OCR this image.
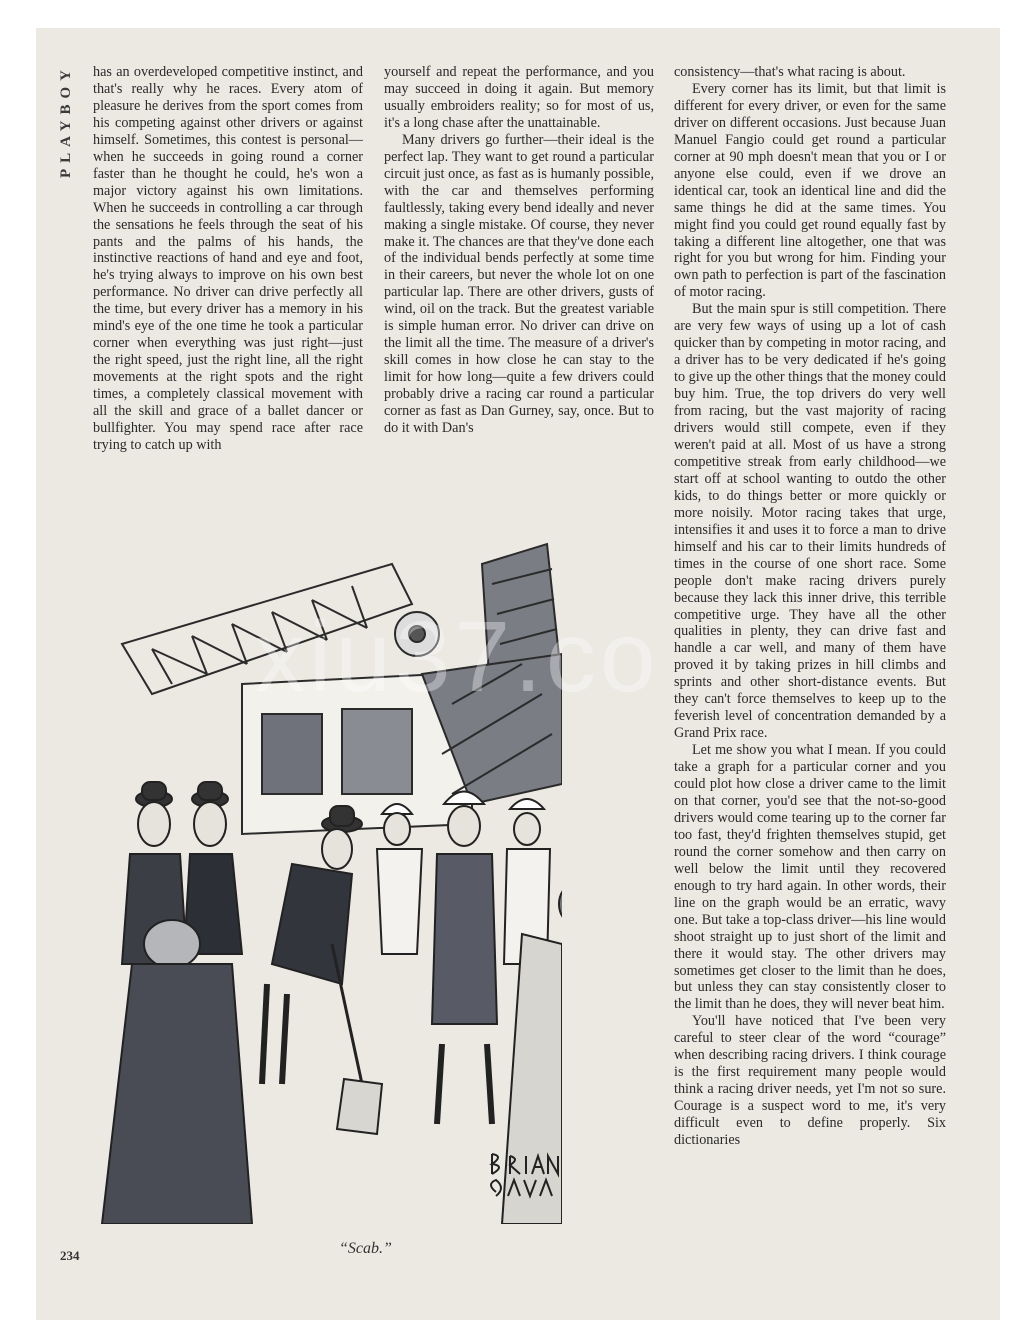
PLAYBOY	has an overdeveloped competitive instinct, and that's really why he races. Every atom of pleasure he derives from the sport comes from his competing against other drivers or against himself. Sometimes, this contest is personal—when he succeeds in going round a corner faster than he thought he could, he's won a major victory against his own limitations. When he succeeds in controlling a car through the sensations he feels through the seat of his pants and the palms of his hands, the instinctive reactions of hand and eye and foot, he's trying always to improve on his own best performance. No driver can drive perfectly all the time, but every driver has a memory in his mind's eye of the one time he took a particular corner when everything was just right—just the right speed, just the right line, all the right movements at the right spots and the right times, a completely classical movement with all the skill and grace of a ballet dancer or bullfighter. You may spend race after race trying to catch up with

yourself and repeat the performance, and you may succeed in doing it again. But memory usually embroiders reality; so for most of us, it's a long chase after the unattainable.

Many drivers go further—their ideal is the perfect lap. They want to get round a particular circuit just once, as fast as is humanly possible, with the car and themselves performing faultlessly, taking every bend ideally and never making a single mistake. Of course, they never make it. The chances are that they've done each of the individual bends perfectly at some time in their careers, but never the whole lot on one particular lap. There are other drivers, gusts of wind, oil on the track. But the greatest variable is simple human error. No driver can drive on the limit all the time. The measure of a driver's skill comes in how close he can stay to the limit for how long—quite a few drivers could probably drive a racing car round a particular corner as fast as Dan Gurney, say, once. But to do it with Dan's

consistency—that's what racing is about.

Every corner has its limit, but that limit is different for every driver, or even for the same driver on different occasions. Just because Juan Manuel Fangio could get round a particular corner at 90 mph doesn't mean that you or I or anyone else could, even if we drove an identical car, took an identical line and did the same things he did at the same times. You might find you could get round equally fast by taking a different line altogether, one that was right for you but wrong for him. Finding your own path to perfection is part of the fascination of motor racing.

But the main spur is still competition. There are very few ways of using up a lot of cash quicker than by competing in motor racing, and a driver has to be very dedicated if he's going to give up the other things that the money could buy him. True, the top drivers do very well from racing, but the vast majority of racing drivers would still compete, even if they weren't paid at all. Most of us have a strong competitive streak from early childhood—we start off at school wanting to outdo the other kids, to do things better or more quickly or more noisily. Motor racing takes that urge, intensifies it and uses it to force a man to drive himself and his car to their limits hundreds of times in the course of one short race. Some people don't make racing drivers purely because they lack this inner drive, this terrible competitive urge. They have all the other qualities in plenty, they can drive fast and handle a car well, and many of them have proved it by taking prizes in hill climbs and sprints and other short-distance events. But they can't force themselves to keep up to the feverish level of concentration demanded by a Grand Prix race.

Let me show you what I mean. If you could take a graph for a particular corner and you could plot how close a driver came to the limit on that corner, you'd see that the not-so-good drivers would come tearing up to the corner far too fast, they'd frighten themselves stupid, get round the corner somehow and then carry on well below the limit until they recovered enough to try hard again. In other words, their line on the graph would be an erratic, wavy one. But take a top-class driver—his line would shoot straight up to just short of the limit and there it would stay. The other drivers may sometimes get closer to the limit than he does, but unless they can stay consistently closer to the limit than he does, they will never beat him.

You'll have noticed that I've been very careful to steer clear of the word “courage” when describing racing drivers. I think courage is the first requirement many people would think a racing driver needs, yet I'm not so sure. Courage is a suspect word to me, it's very difficult even to define properly. Six dictionaries

“Scab.”
234
xiu37.co
